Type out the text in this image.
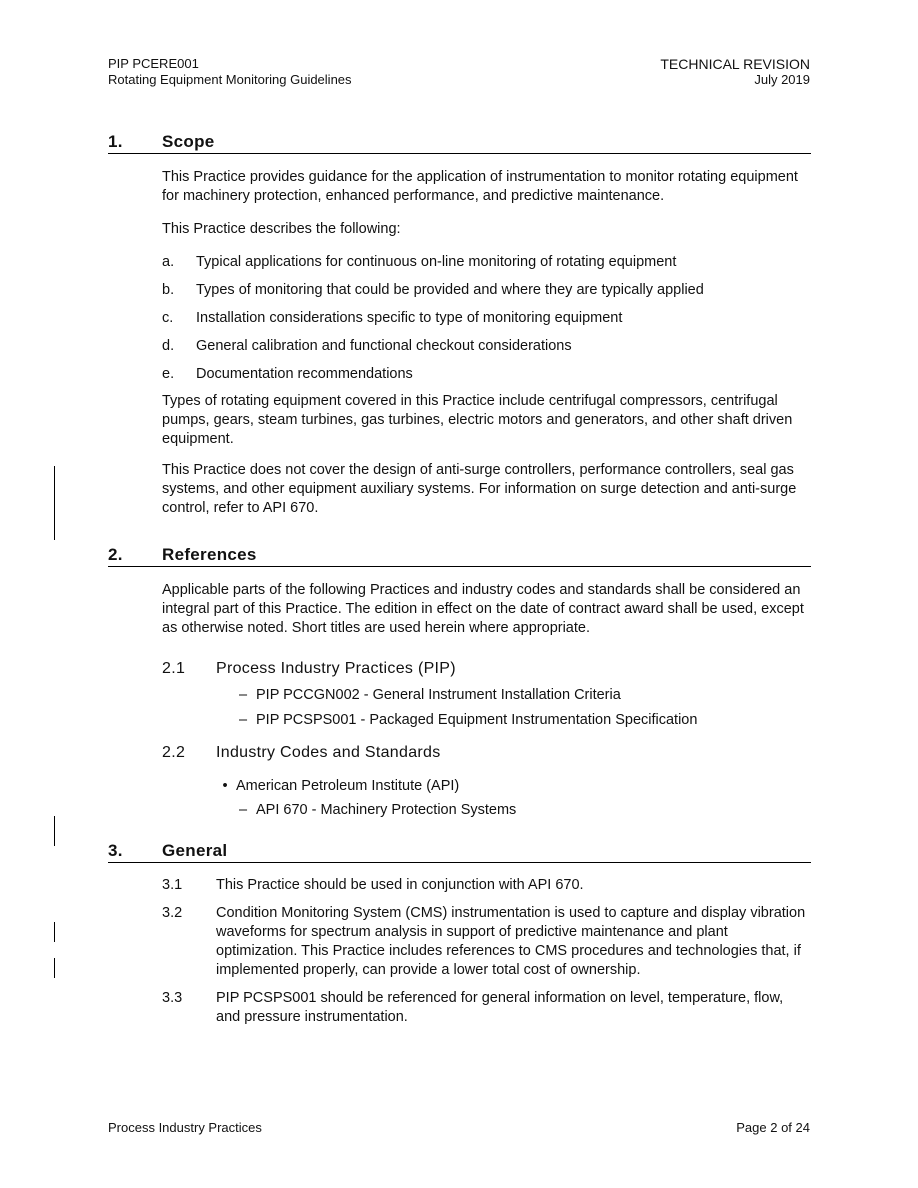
PIP PCERE001
Rotating Equipment Monitoring Guidelines
TECHNICAL REVISION
July 2019
1.	Scope

This Practice provides guidance for the application of instrumentation to monitor rotating equipment for machinery protection, enhanced performance, and predictive maintenance.

This Practice describes the following:

a.	Typical applications for continuous on-line monitoring of rotating equipment
b.	Types of monitoring that could be provided and where they are typically applied
c.	Installation considerations specific to type of monitoring equipment
d.	General calibration and functional checkout considerations
e.	Documentation recommendations

Types of rotating equipment covered in this Practice include centrifugal compressors, centrifugal pumps, gears, steam turbines, gas turbines, electric motors and generators, and other shaft driven equipment.

This Practice does not cover the design of anti-surge controllers, performance controllers, seal gas systems, and other equipment auxiliary systems. For information on surge detection and anti-surge control, refer to API 670.

2.	References

Applicable parts of the following Practices and industry codes and standards shall be considered an integral part of this Practice. The edition in effect on the date of contract award shall be used, except as otherwise noted. Short titles are used herein where appropriate.

2.1	Process Industry Practices (PIP)
– PIP PCCGN002 - General Instrument Installation Criteria
– PIP PCSPS001 - Packaged Equipment Instrumentation Specification
2.2	Industry Codes and Standards
• American Petroleum Institute (API)
– API 670 - Machinery Protection Systems
3.	General
3.1	This Practice should be used in conjunction with API 670.
3.2	Condition Monitoring System (CMS) instrumentation is used to capture and display vibration waveforms for spectrum analysis in support of predictive maintenance and plant optimization. This Practice includes references to CMS procedures and technologies that, if implemented properly, can provide a lower total cost of ownership.
3.3	PIP PCSPS001 should be referenced for general information on level, temperature, flow, and pressure instrumentation.
Process Industry Practices	Page 2 of 24
